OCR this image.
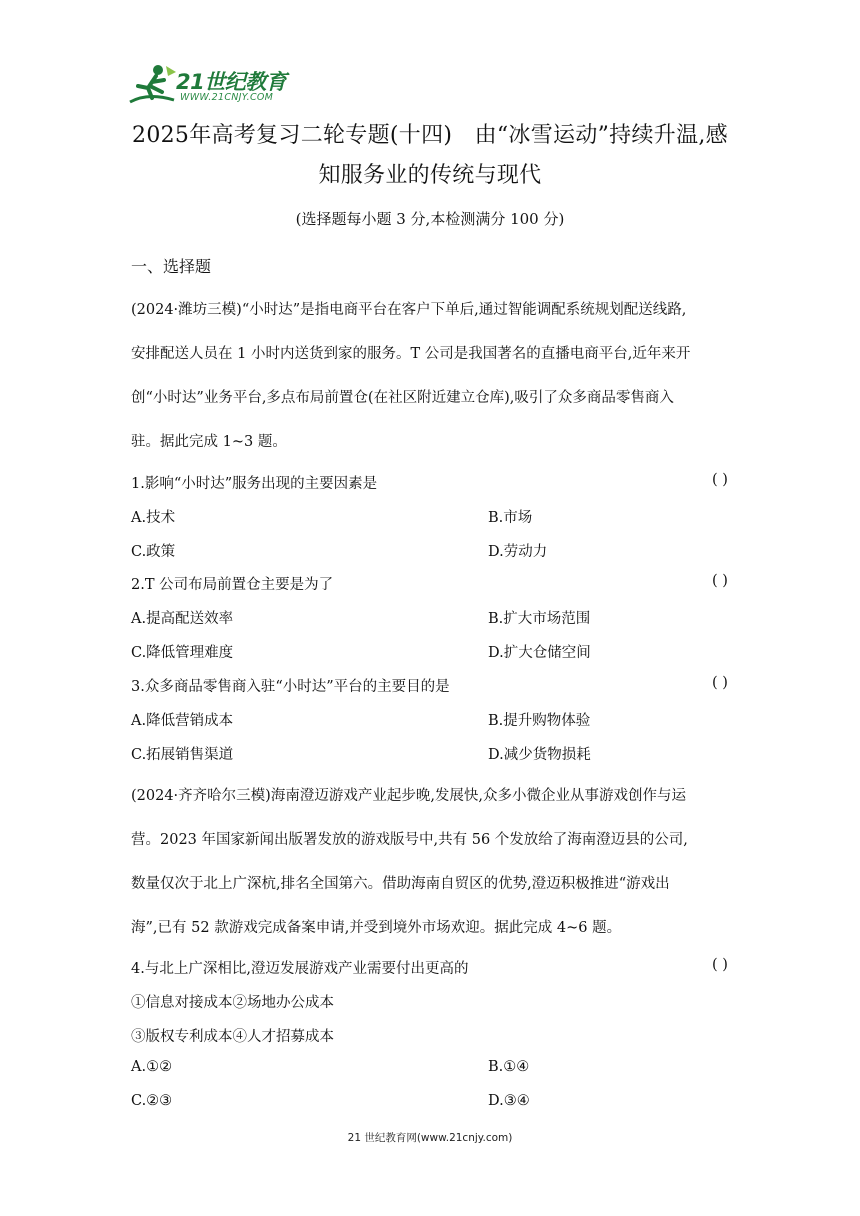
21世纪教育
WWW.21CNJY.COM
2025年高考复习二轮专题(十四)　由“冰雪运动”持续升温,感
知服务业的传统与现代
(选择题每小题 3 分,本检测满分 100 分)
一、选择题
(2024·潍坊三模)“小时达”是指电商平台在客户下单后,通过智能调配系统规划配送线路,
安排配送人员在 1 小时内送货到家的服务。T 公司是我国著名的直播电商平台,近年来开
创“小时达”业务平台,多点布局前置仓(在社区附近建立仓库),吸引了众多商品零售商入
驻。据此完成 1~3 题。
1.影响“小时达”服务出现的主要因素是	( )
A.技术	B.市场
C.政策	D.劳动力
2.T 公司布局前置仓主要是为了	( )
A.提高配送效率	B.扩大市场范围
C.降低管理难度	D.扩大仓储空间
3.众多商品零售商入驻“小时达”平台的主要目的是	( )
A.降低营销成本	B.提升购物体验
C.拓展销售渠道	D.减少货物损耗
(2024·齐齐哈尔三模)海南澄迈游戏产业起步晚,发展快,众多小微企业从事游戏创作与运
营。2023 年国家新闻出版署发放的游戏版号中,共有 56 个发放给了海南澄迈县的公司,
数量仅次于北上广深杭,排名全国第六。借助海南自贸区的优势,澄迈积极推进“游戏出
海”,已有 52 款游戏完成备案申请,并受到境外市场欢迎。据此完成 4~6 题。
4.与北上广深相比,澄迈发展游戏产业需要付出更高的	( )
①信息对接成本②场地办公成本
③版权专利成本④人才招募成本
A.①②	B.①④
C.②③	D.③④
21 世纪教育网(www.21cnjy.com)
